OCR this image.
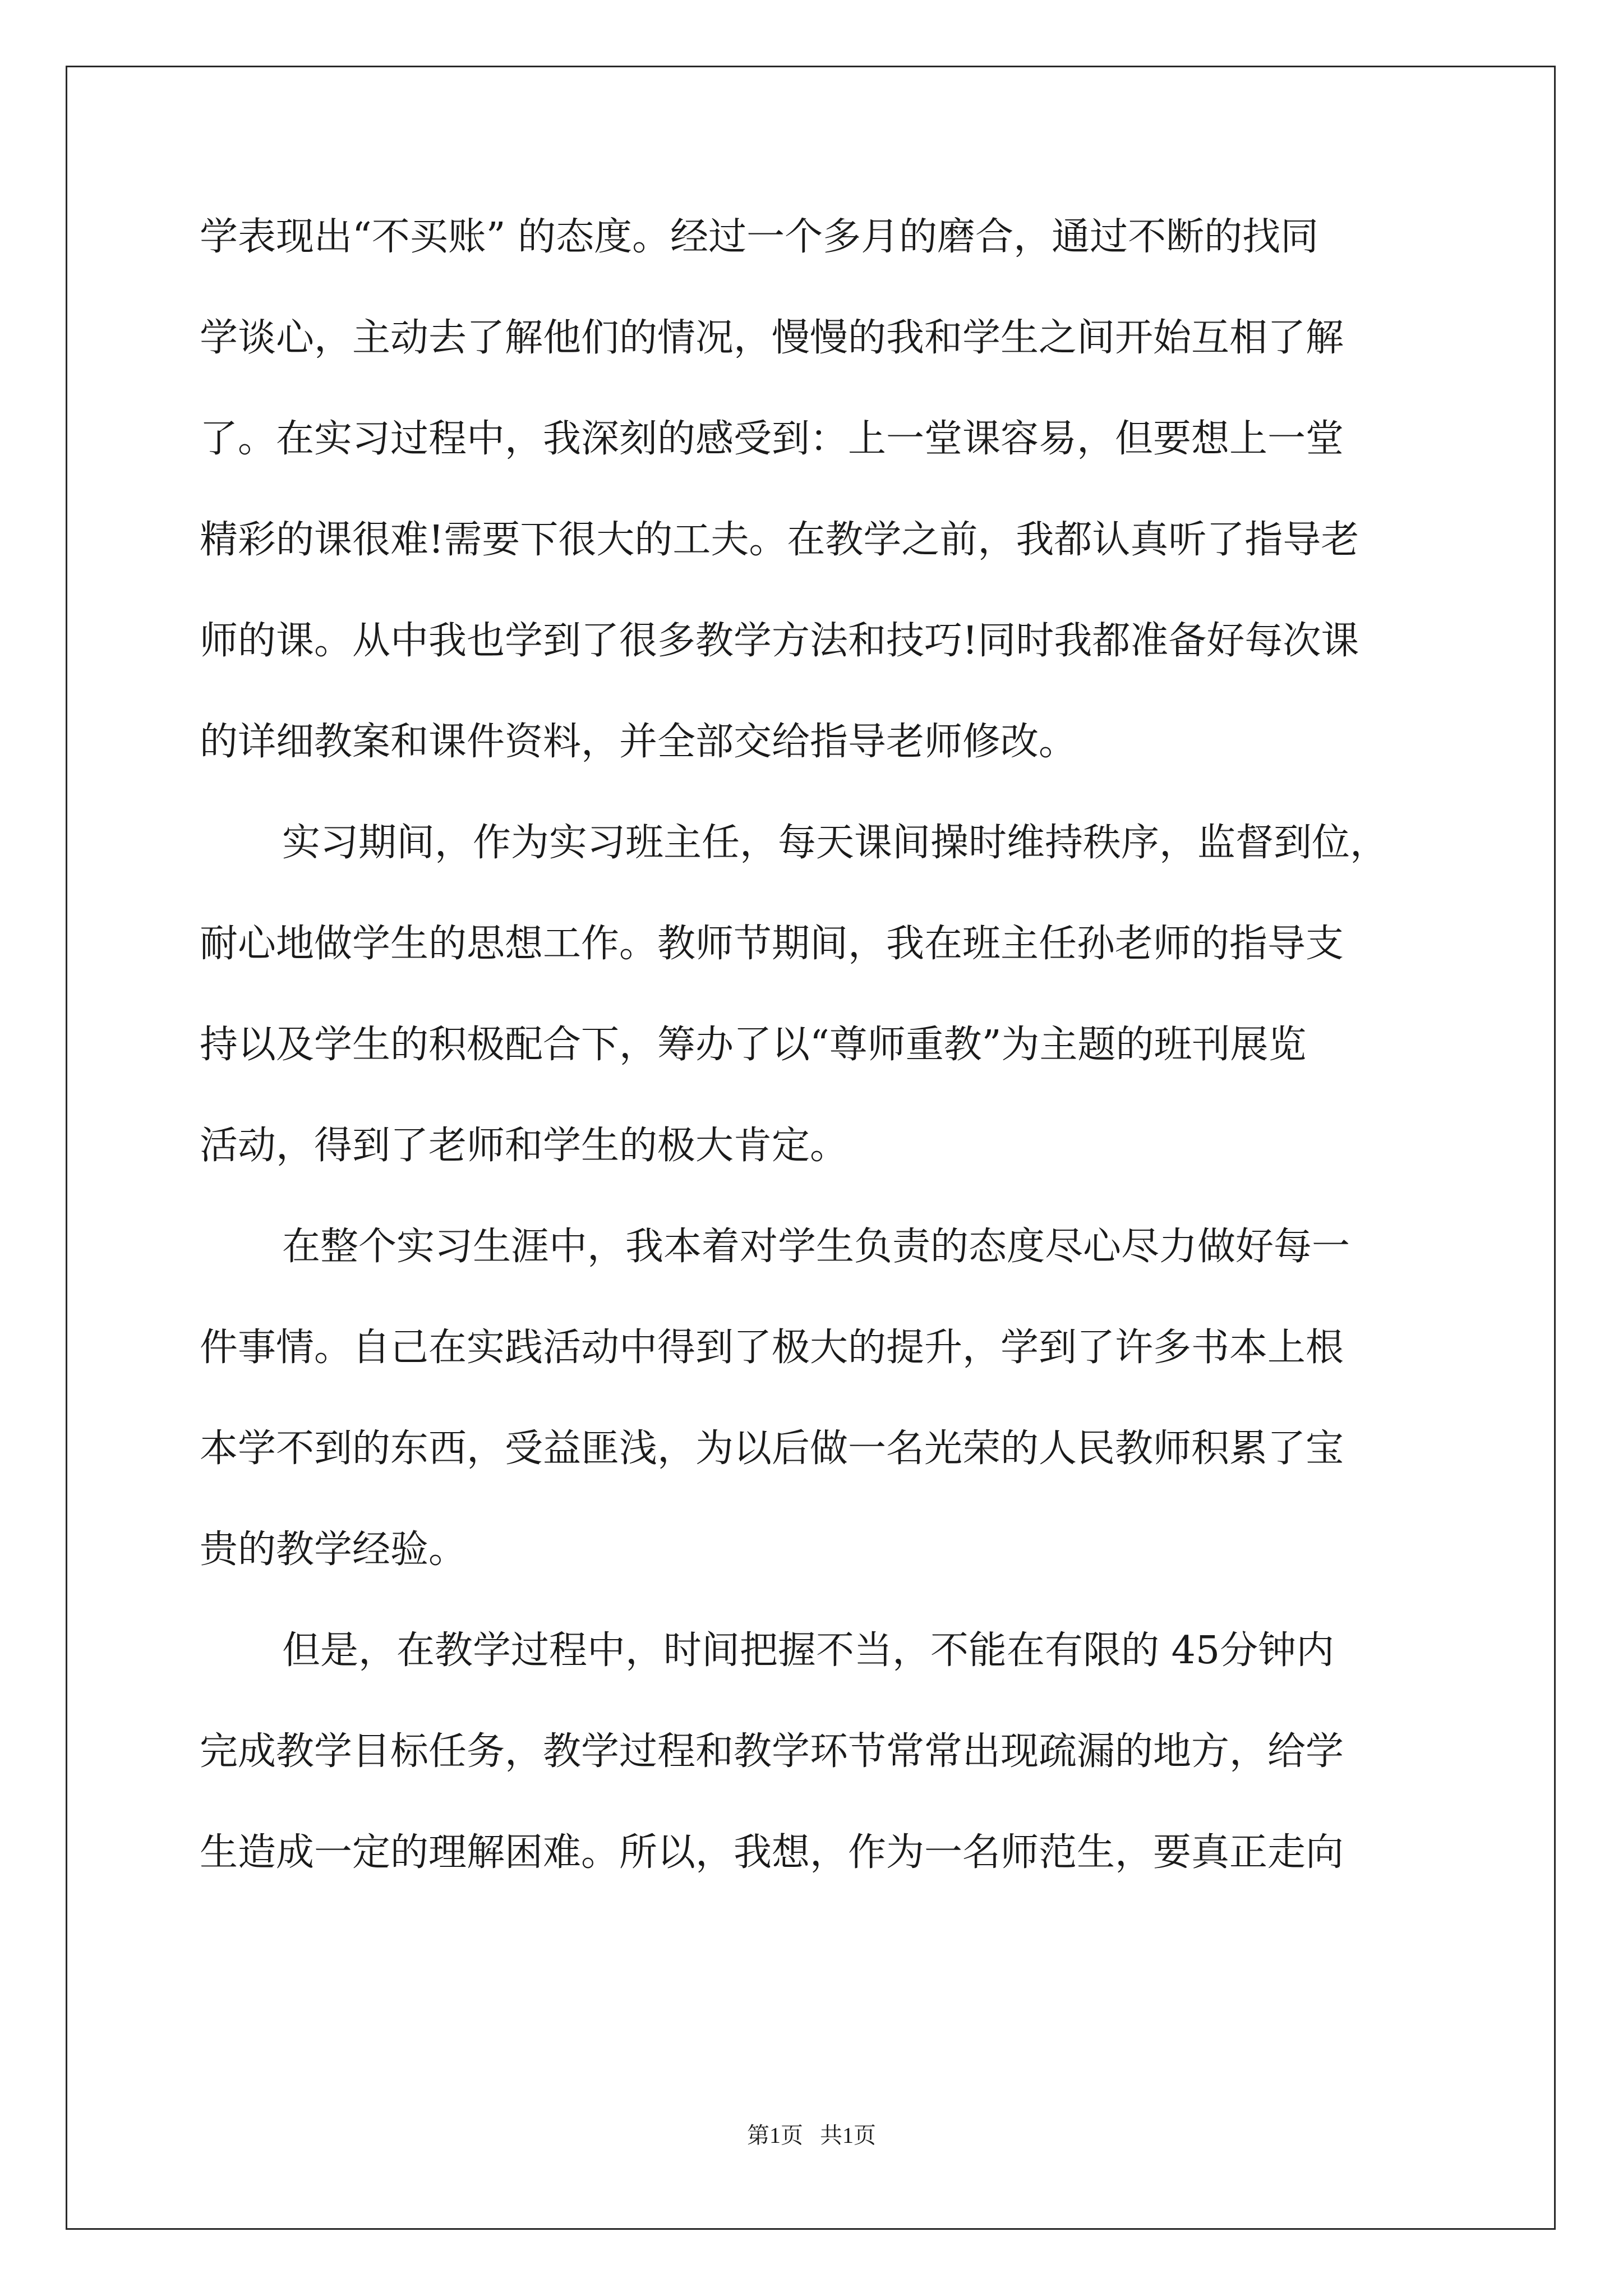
学表现出“不买账” 的态度。经过一个多月的磨合，通过不断的找同
学谈心，主动去了解他们的情况，慢慢的我和学生之间开始互相了解
了。在实习过程中，我深刻的感受到：上一堂课容易，但要想上一堂
精彩的课很难!需要下很大的工夫。在教学之前，我都认真听了指导老
师的课。从中我也学到了很多教学方法和技巧!同时我都准备好每次课
的详细教案和课件资料，并全部交给指导老师修改。
实习期间，作为实习班主任，每天课间操时维持秩序，监督到位，
耐心地做学生的思想工作。教师节期间，我在班主任孙老师的指导支
持以及学生的积极配合下，筹办了以“尊师重教”为主题的班刊展览
活动，得到了老师和学生的极大肯定。
在整个实习生涯中，我本着对学生负责的态度尽心尽力做好每一
件事情。自己在实践活动中得到了极大的提升，学到了许多书本上根
本学不到的东西，受益匪浅，为以后做一名光荣的人民教师积累了宝
贵的教学经验。
但是，在教学过程中，时间把握不当，不能在有限的 45分钟内
完成教学目标任务，教学过程和教学环节常常出现疏漏的地方，给学
生造成一定的理解困难。所以，我想，作为一名师范生，要真正走向
第1页   共1页
